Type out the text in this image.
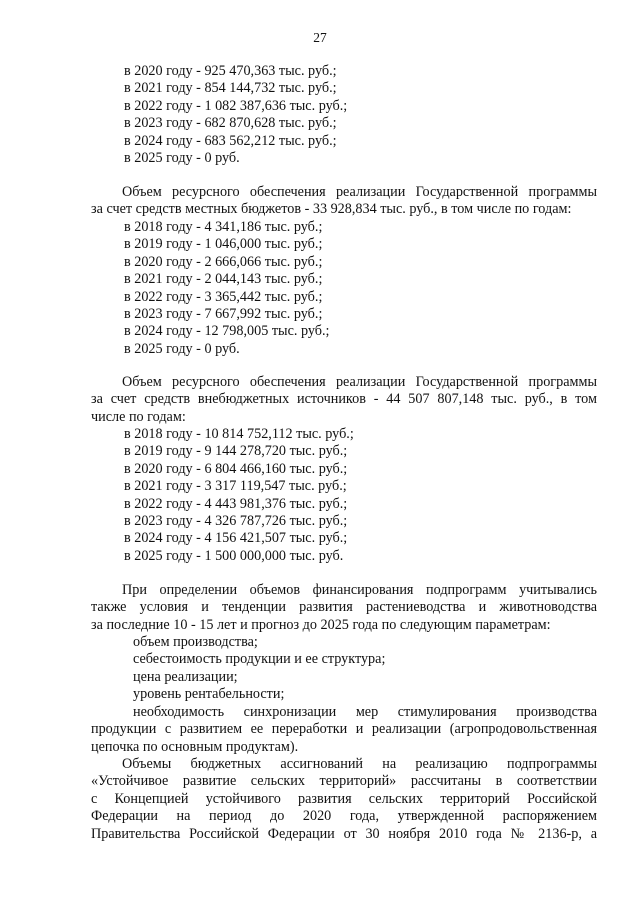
27
в 2020 году - 925 470,363 тыс. руб.;
в 2021 году - 854 144,732 тыс. руб.;
в 2022 году - 1 082 387,636 тыс. руб.;
в 2023 году - 682 870,628 тыс. руб.;
в 2024 году - 683 562,212 тыс. руб.;
в 2025 году - 0 руб.
Объем ресурсного обеспечения реализации Государственной программы
за счет средств местных бюджетов - 33 928,834 тыс. руб., в том числе по годам:
в 2018 году - 4 341,186 тыс. руб.;
в 2019 году - 1 046,000 тыс. руб.;
в 2020 году - 2 666,066 тыс. руб.;
в 2021 году - 2 044,143 тыс. руб.;
в 2022 году - 3 365,442 тыс. руб.;
в 2023 году - 7 667,992 тыс. руб.;
в 2024 году - 12 798,005 тыс. руб.;
в 2025 году - 0 руб.
Объем ресурсного обеспечения реализации Государственной программы
за счет средств внебюджетных источников - 44 507 807,148 тыс. руб., в том
числе по годам:
в 2018 году - 10 814 752,112 тыс. руб.;
в 2019 году - 9 144 278,720 тыс. руб.;
в 2020 году - 6 804 466,160 тыс. руб.;
в 2021 году - 3 317 119,547 тыс. руб.;
в 2022 году - 4 443 981,376 тыс. руб.;
в 2023 году - 4 326 787,726 тыс. руб.;
в 2024 году - 4 156 421,507 тыс. руб.;
в 2025 году - 1 500 000,000 тыс. руб.
При определении объемов финансирования подпрограмм учитывались
также условия и тенденции развития растениеводства и животноводства
за последние 10 - 15 лет и прогноз до 2025 года по следующим параметрам:
объем производства;
себестоимость продукции и ее структура;
цена реализации;
уровень рентабельности;
необходимость синхронизации мер стимулирования производства
продукции с развитием ее переработки и реализации (агропродовольственная
цепочка по основным продуктам).
Объемы бюджетных ассигнований на реализацию подпрограммы
«Устойчивое развитие сельских территорий» рассчитаны в соответствии
с Концепцией устойчивого развития сельских территорий Российской
Федерации на период до 2020 года, утвержденной распоряжением
Правительства Российской Федерации от 30 ноября 2010 года № 2136-р, а
